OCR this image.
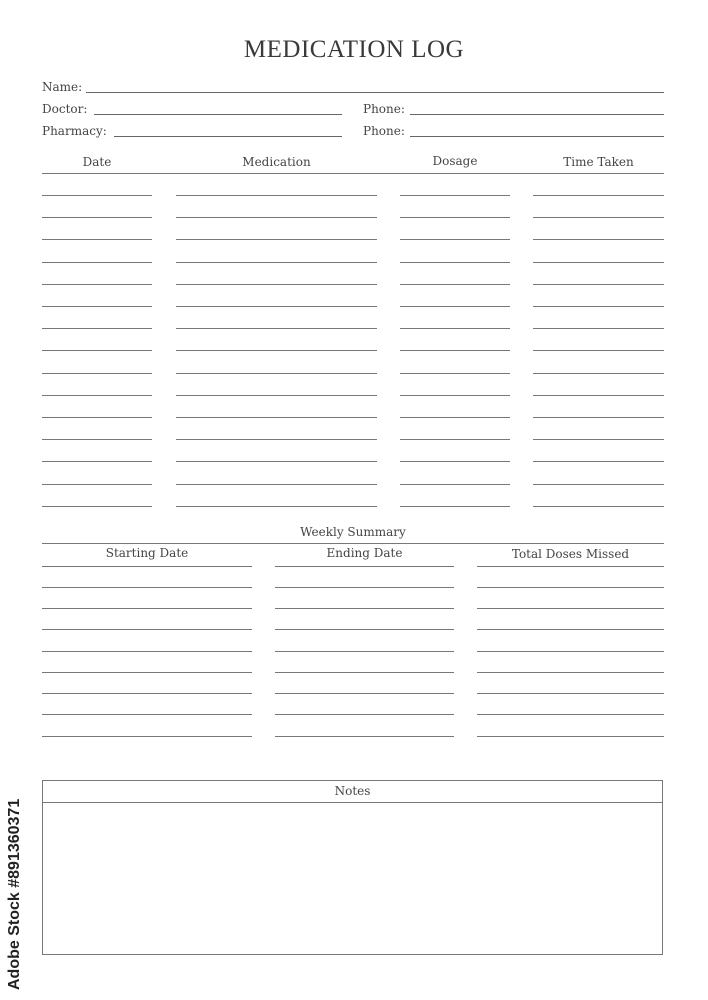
MEDICATION LOG
Name:
Doctor:	Phone:
Pharmacy:	Phone:
Date	Medication	Dosage	Time Taken
Weekly Summary
Starting Date	Ending Date	Total Doses Missed
Notes
Adobe Stock #891360371
